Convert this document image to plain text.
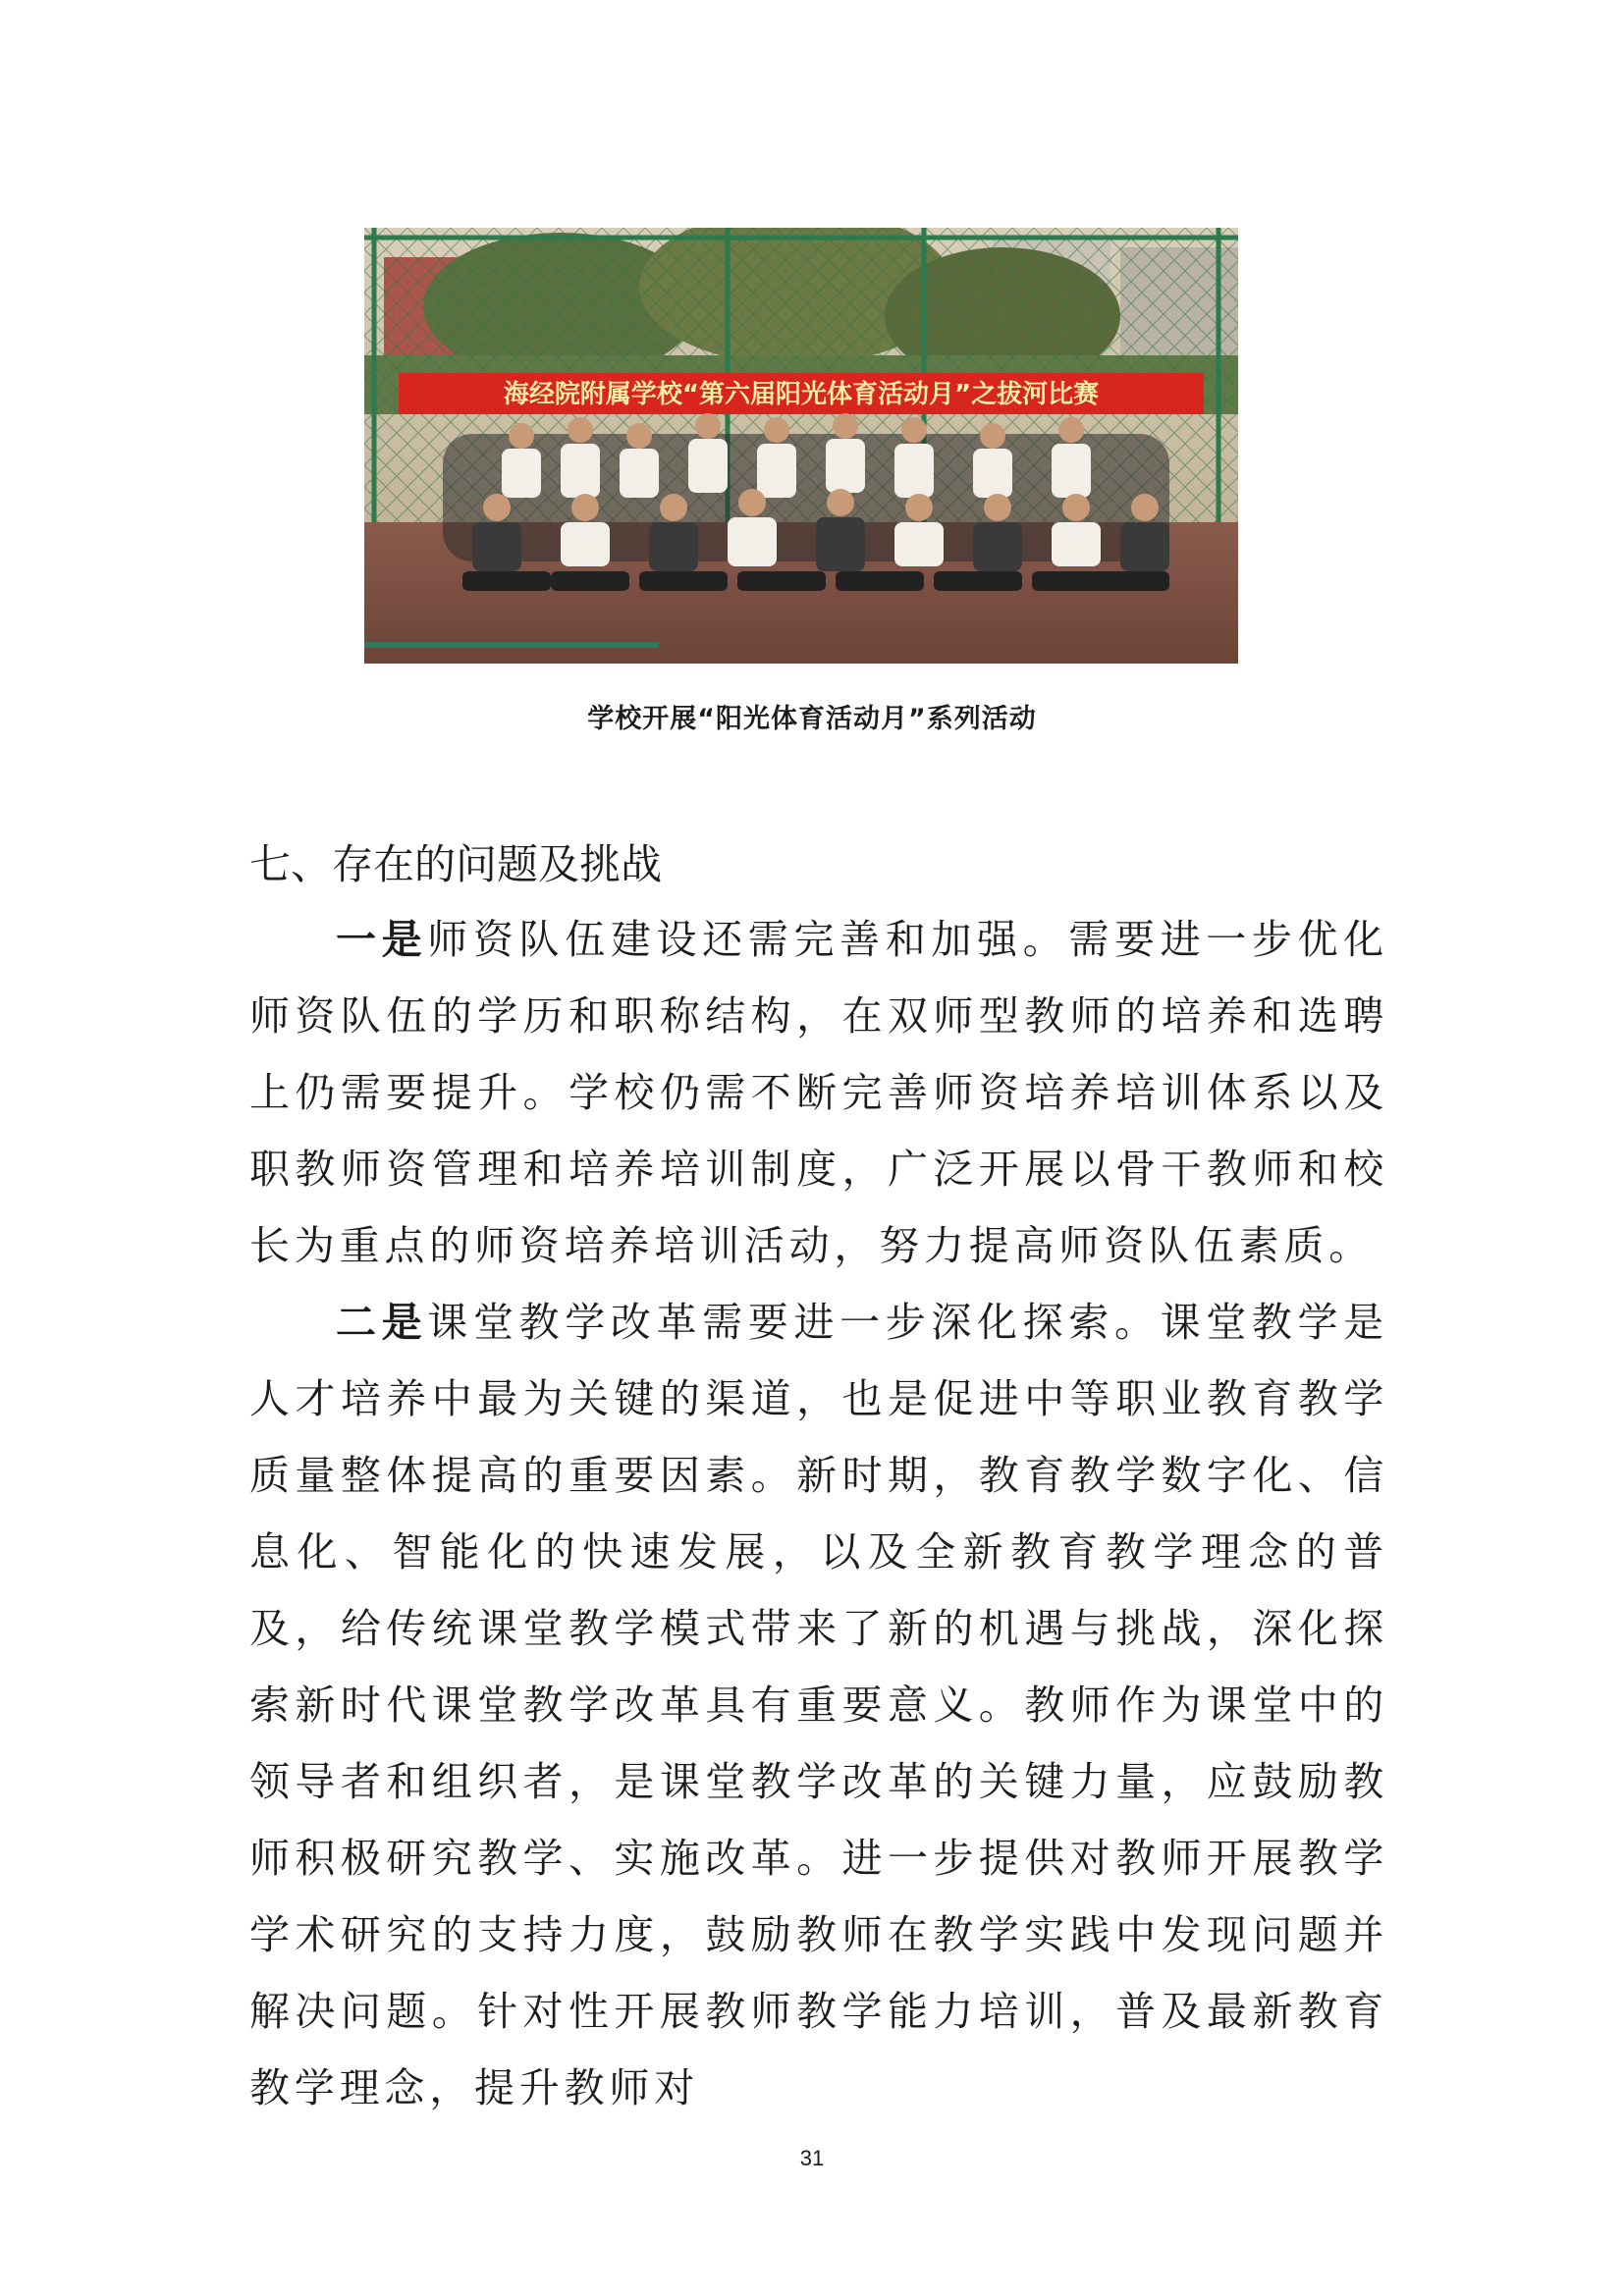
海经院附属学校“第六届阳光体育活动月”之拔河比赛
学校开展“阳光体育活动月”系列活动
七、存在的问题及挑战

一是师资队伍建设还需完善和加强。需要进一步优化师资队伍的学历和职称结构，在双师型教师的培养和选聘上仍需要提升。学校仍需不断完善师资培养培训体系以及职教师资管理和培养培训制度，广泛开展以骨干教师和校长为重点的师资培养培训活动，努力提高师资队伍素质。

二是课堂教学改革需要进一步深化探索。课堂教学是人才培养中最为关键的渠道，也是促进中等职业教育教学质量整体提高的重要因素。新时期，教育教学数字化、信息化、智能化的快速发展，以及全新教育教学理念的普及，给传统课堂教学模式带来了新的机遇与挑战，深化探索新时代课堂教学改革具有重要意义。教师作为课堂中的领导者和组织者，是课堂教学改革的关键力量，应鼓励教师积极研究教学、实施改革。进一步提供对教师开展教学学术研究的支持力度，鼓励教师在教学实践中发现问题并解决问题。针对性开展教师教学能力培训，普及最新教育教学理念，提升教师对

31
